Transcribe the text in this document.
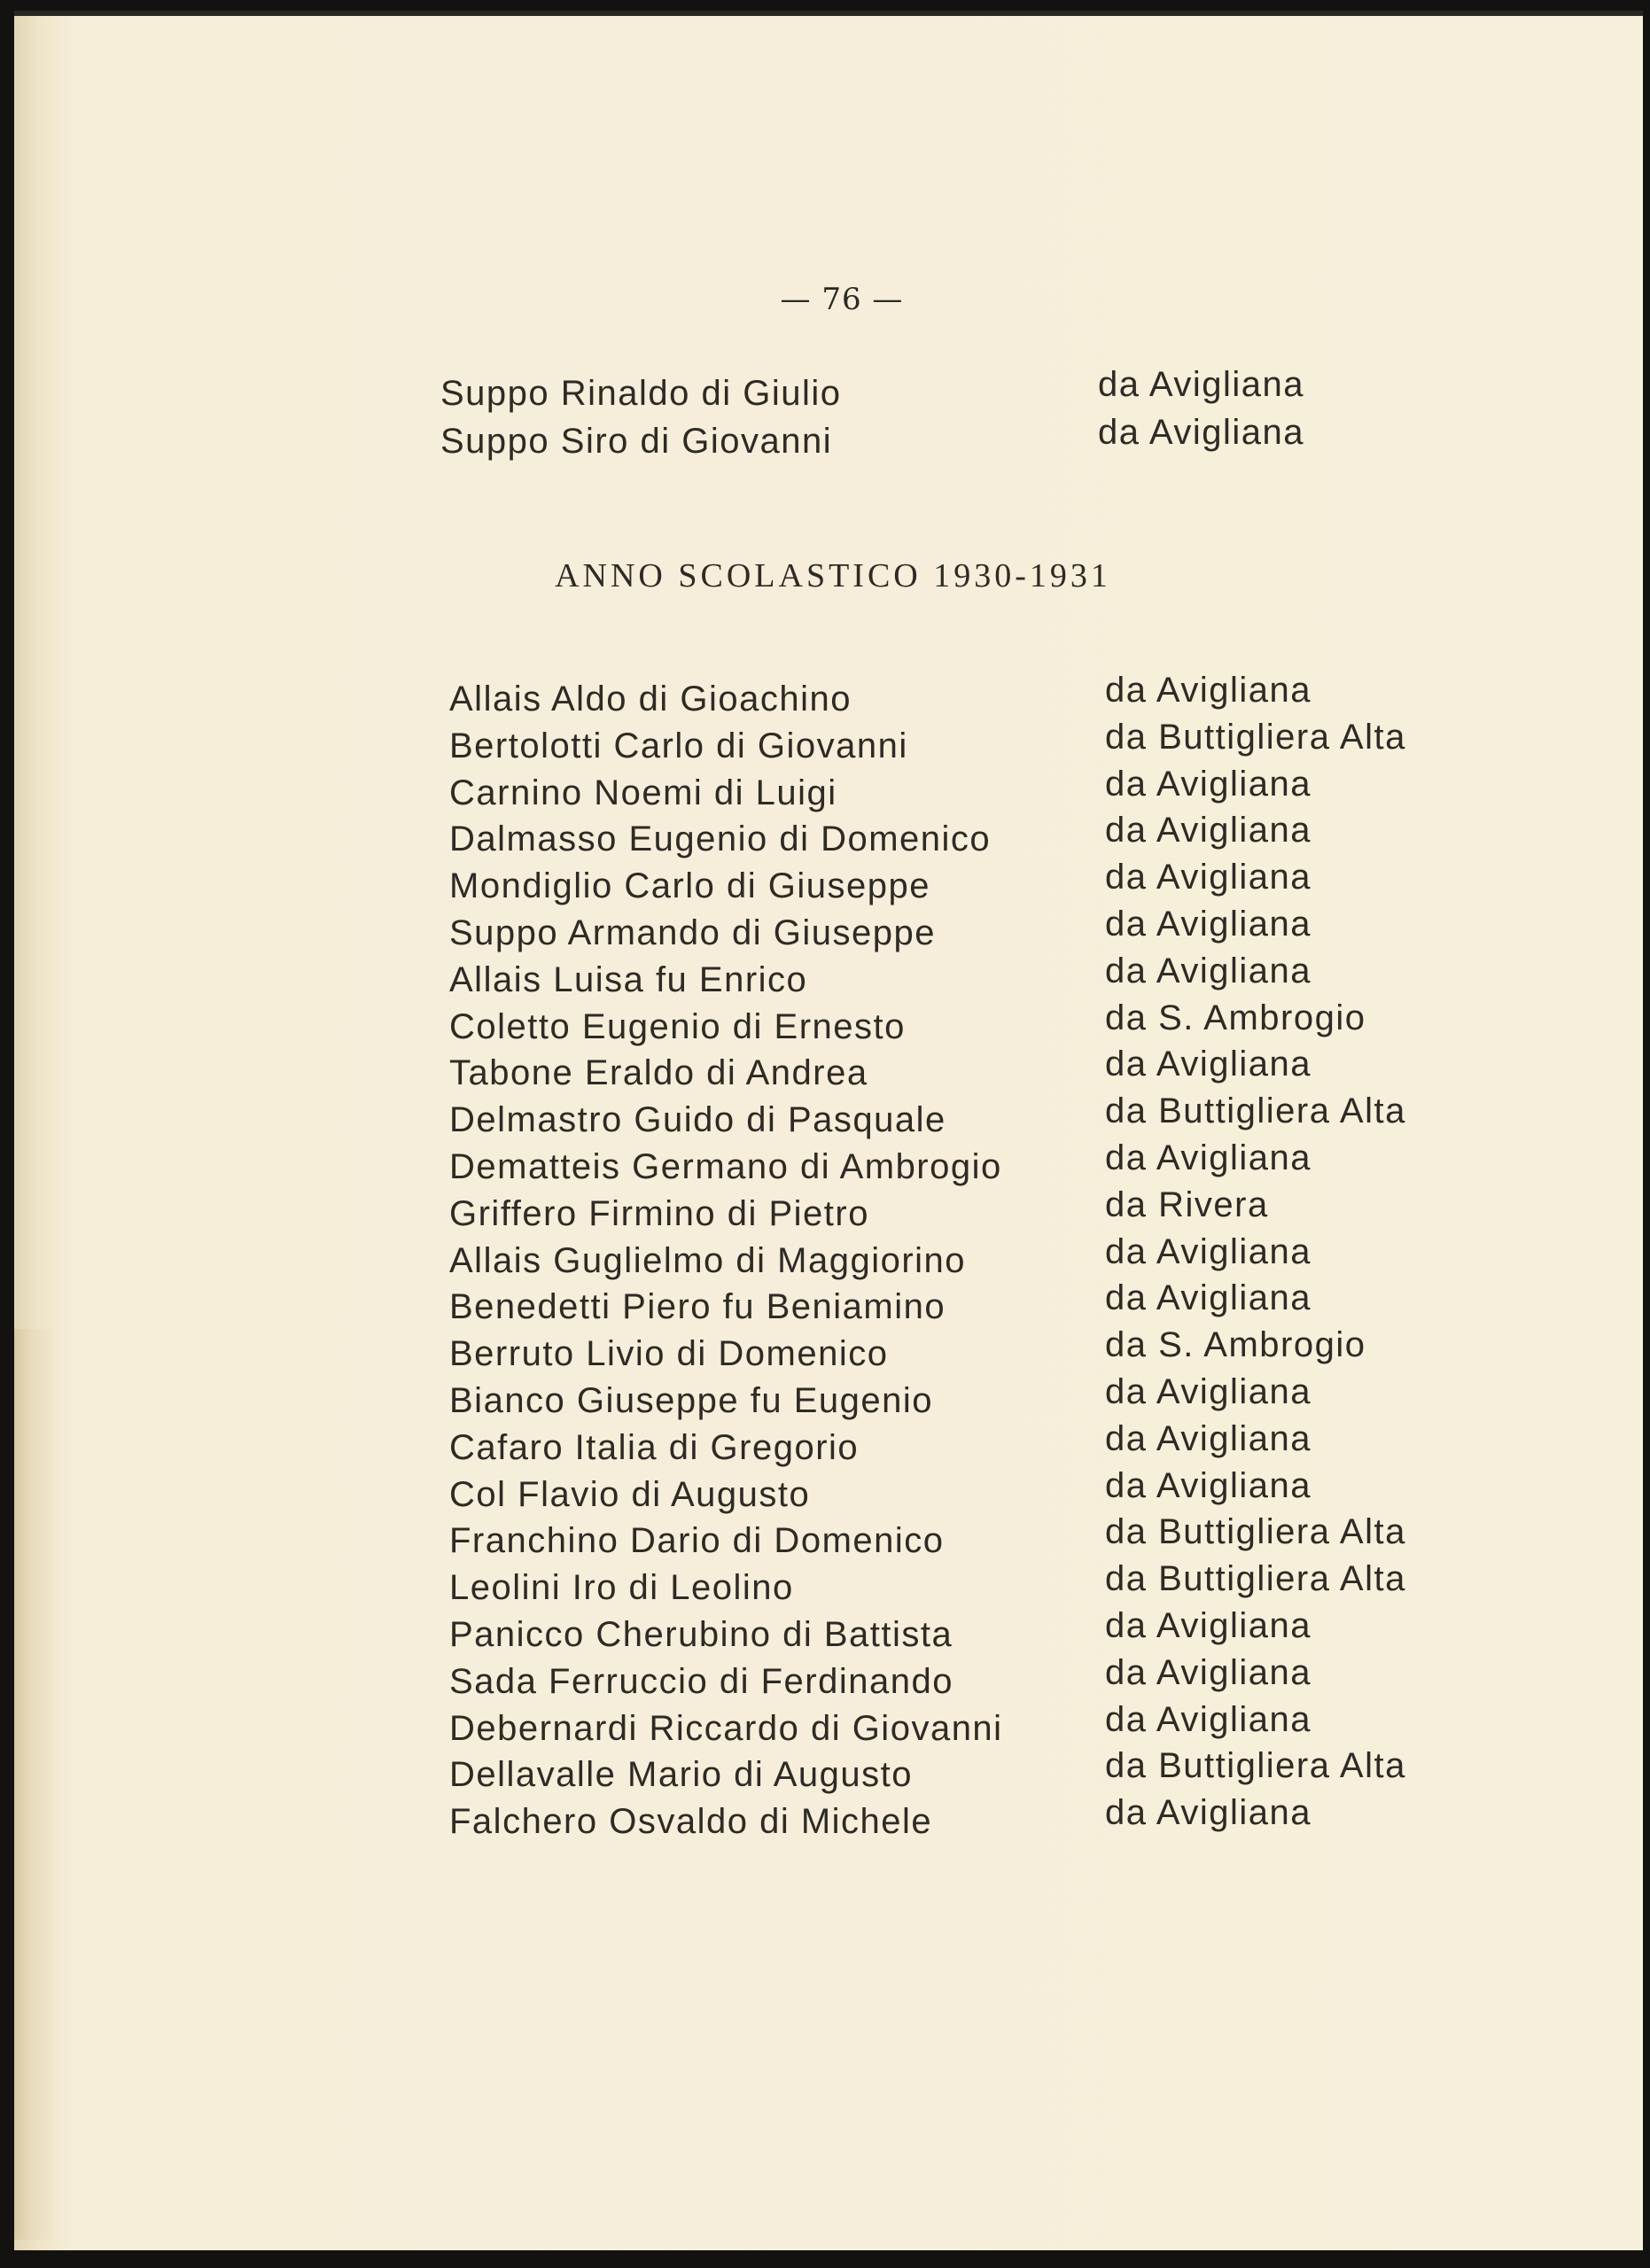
— 76 —
Suppo Rinaldo di Giulio	da Avigliana
Suppo Siro di Giovanni	da Avigliana
ANNO SCOLASTICO 1930-1931
Allais Aldo di Gioachino	da Avigliana
Bertolotti Carlo di Giovanni	da Buttigliera Alta
Carnino Noemi di Luigi	da Avigliana
Dalmasso Eugenio di Domenico	da Avigliana
Mondiglio Carlo di Giuseppe	da Avigliana
Suppo Armando di Giuseppe	da Avigliana
Allais Luisa fu Enrico	da Avigliana
Coletto Eugenio di Ernesto	da S. Ambrogio
Tabone Eraldo di Andrea	da Avigliana
Delmastro Guido di Pasquale	da Buttigliera Alta
Dematteis Germano di Ambrogio	da Avigliana
Griffero Firmino di Pietro	da Rivera
Allais Guglielmo di Maggiorino	da Avigliana
Benedetti Piero fu Beniamino	da Avigliana
Berruto Livio di Domenico	da S. Ambrogio
Bianco Giuseppe fu Eugenio	da Avigliana
Cafaro Italia di Gregorio	da Avigliana
Col Flavio di Augusto	da Avigliana
Franchino Dario di Domenico	da Buttigliera Alta
Leolini Iro di Leolino	da Buttigliera Alta
Panicco Cherubino di Battista	da Avigliana
Sada Ferruccio di Ferdinando	da Avigliana
Debernardi Riccardo di Giovanni	da Avigliana
Dellavalle Mario di Augusto	da Buttigliera Alta
Falchero Osvaldo di Michele	da Avigliana
